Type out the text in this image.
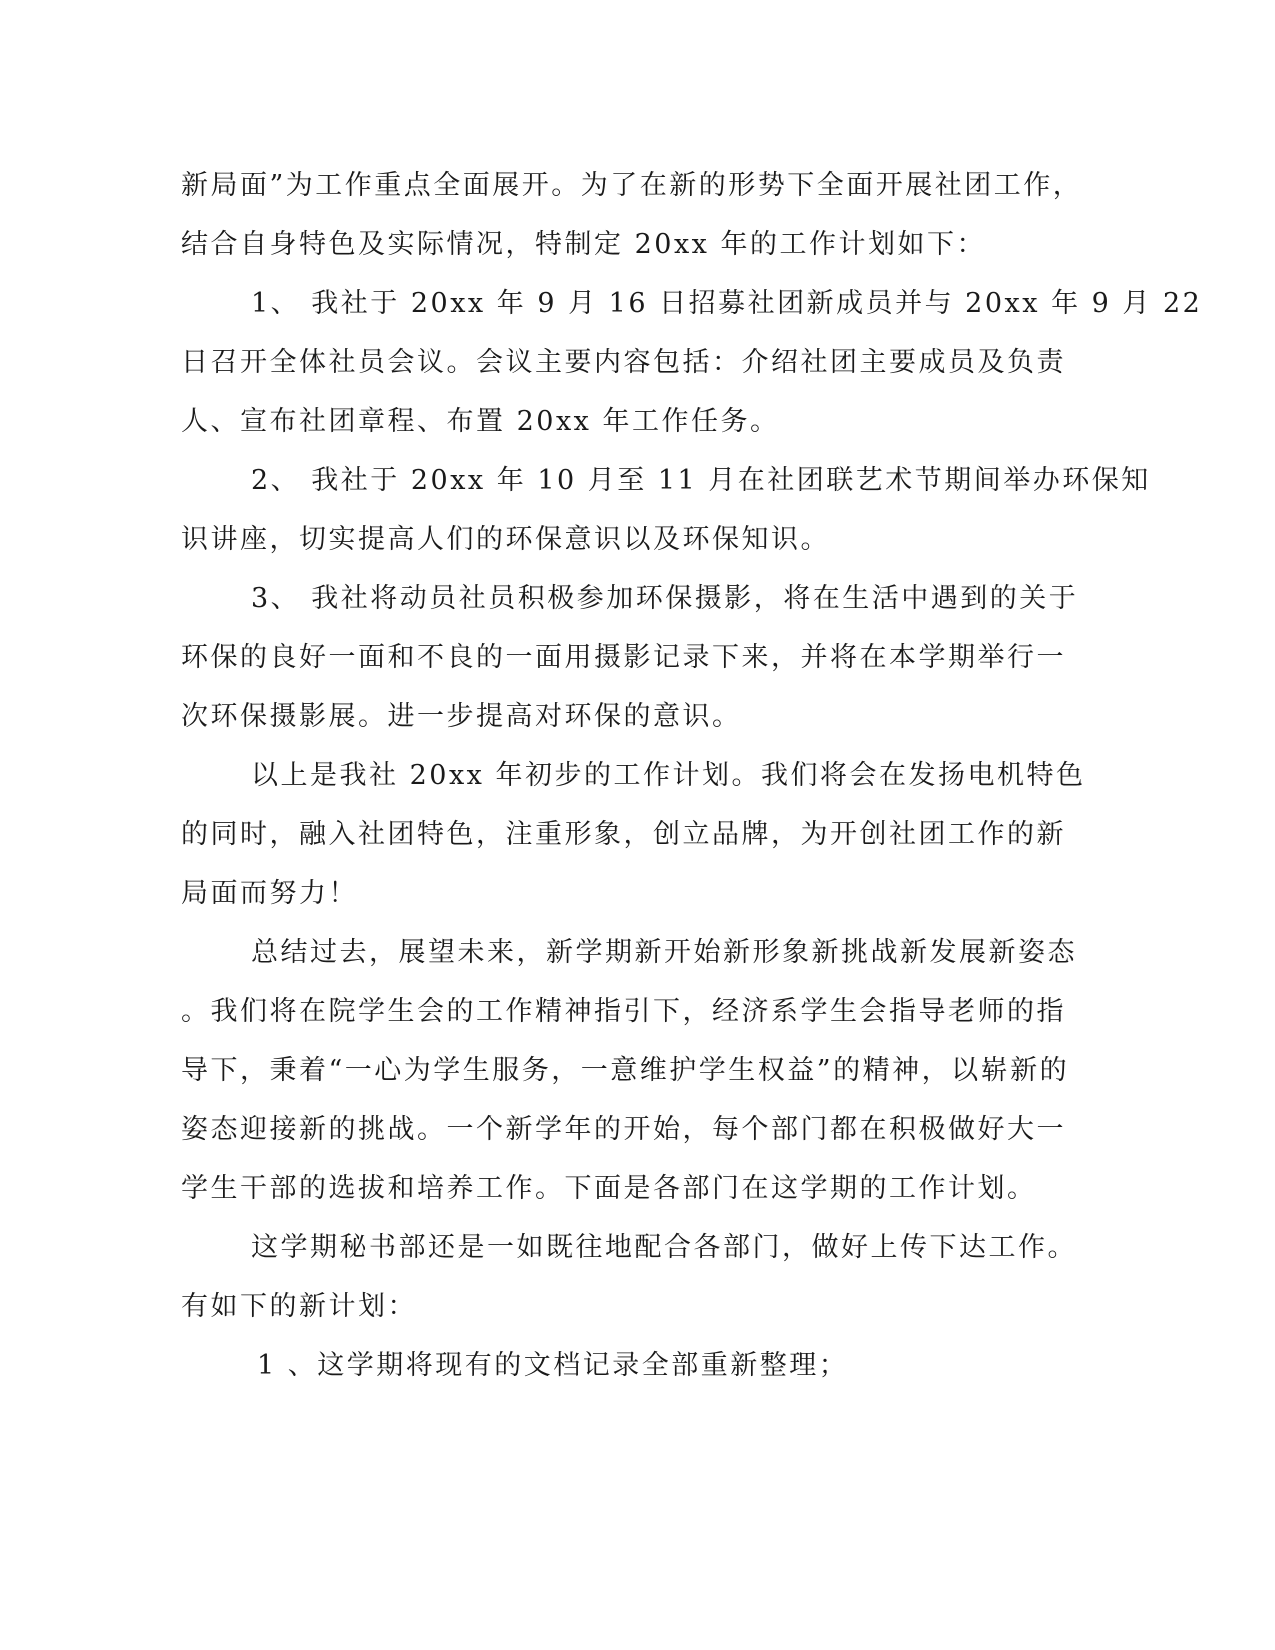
新局面”为工作重点全面展开。为了在新的形势下全面开展社团工作，
结合自身特色及实际情况，特制定 20xx 年的工作计划如下：
1、 我社于 20xx 年 9 月 16 日招募社团新成员并与 20xx 年 9 月 22
日召开全体社员会议。会议主要内容包括：介绍社团主要成员及负责
人、宣布社团章程、布置 20xx 年工作任务。
2、 我社于 20xx 年 10 月至 11 月在社团联艺术节期间举办环保知
识讲座，切实提高人们的环保意识以及环保知识。
3、 我社将动员社员积极参加环保摄影，将在生活中遇到的关于
环保的良好一面和不良的一面用摄影记录下来，并将在本学期举行一
次环保摄影展。进一步提高对环保的意识。
以上是我社 20xx 年初步的工作计划。我们将会在发扬电机特色
的同时，融入社团特色，注重形象，创立品牌，为开创社团工作的新
局面而努力！
总结过去，展望未来，新学期新开始新形象新挑战新发展新姿态
。我们将在院学生会的工作精神指引下，经济系学生会指导老师的指
导下，秉着“一心为学生服务，一意维护学生权益”的精神，以崭新的
姿态迎接新的挑战。一个新学年的开始，每个部门都在积极做好大一
学生干部的选拔和培养工作。下面是各部门在这学期的工作计划。
这学期秘书部还是一如既往地配合各部门，做好上传下达工作。
有如下的新计划：
1 、这学期将现有的文档记录全部重新整理；
